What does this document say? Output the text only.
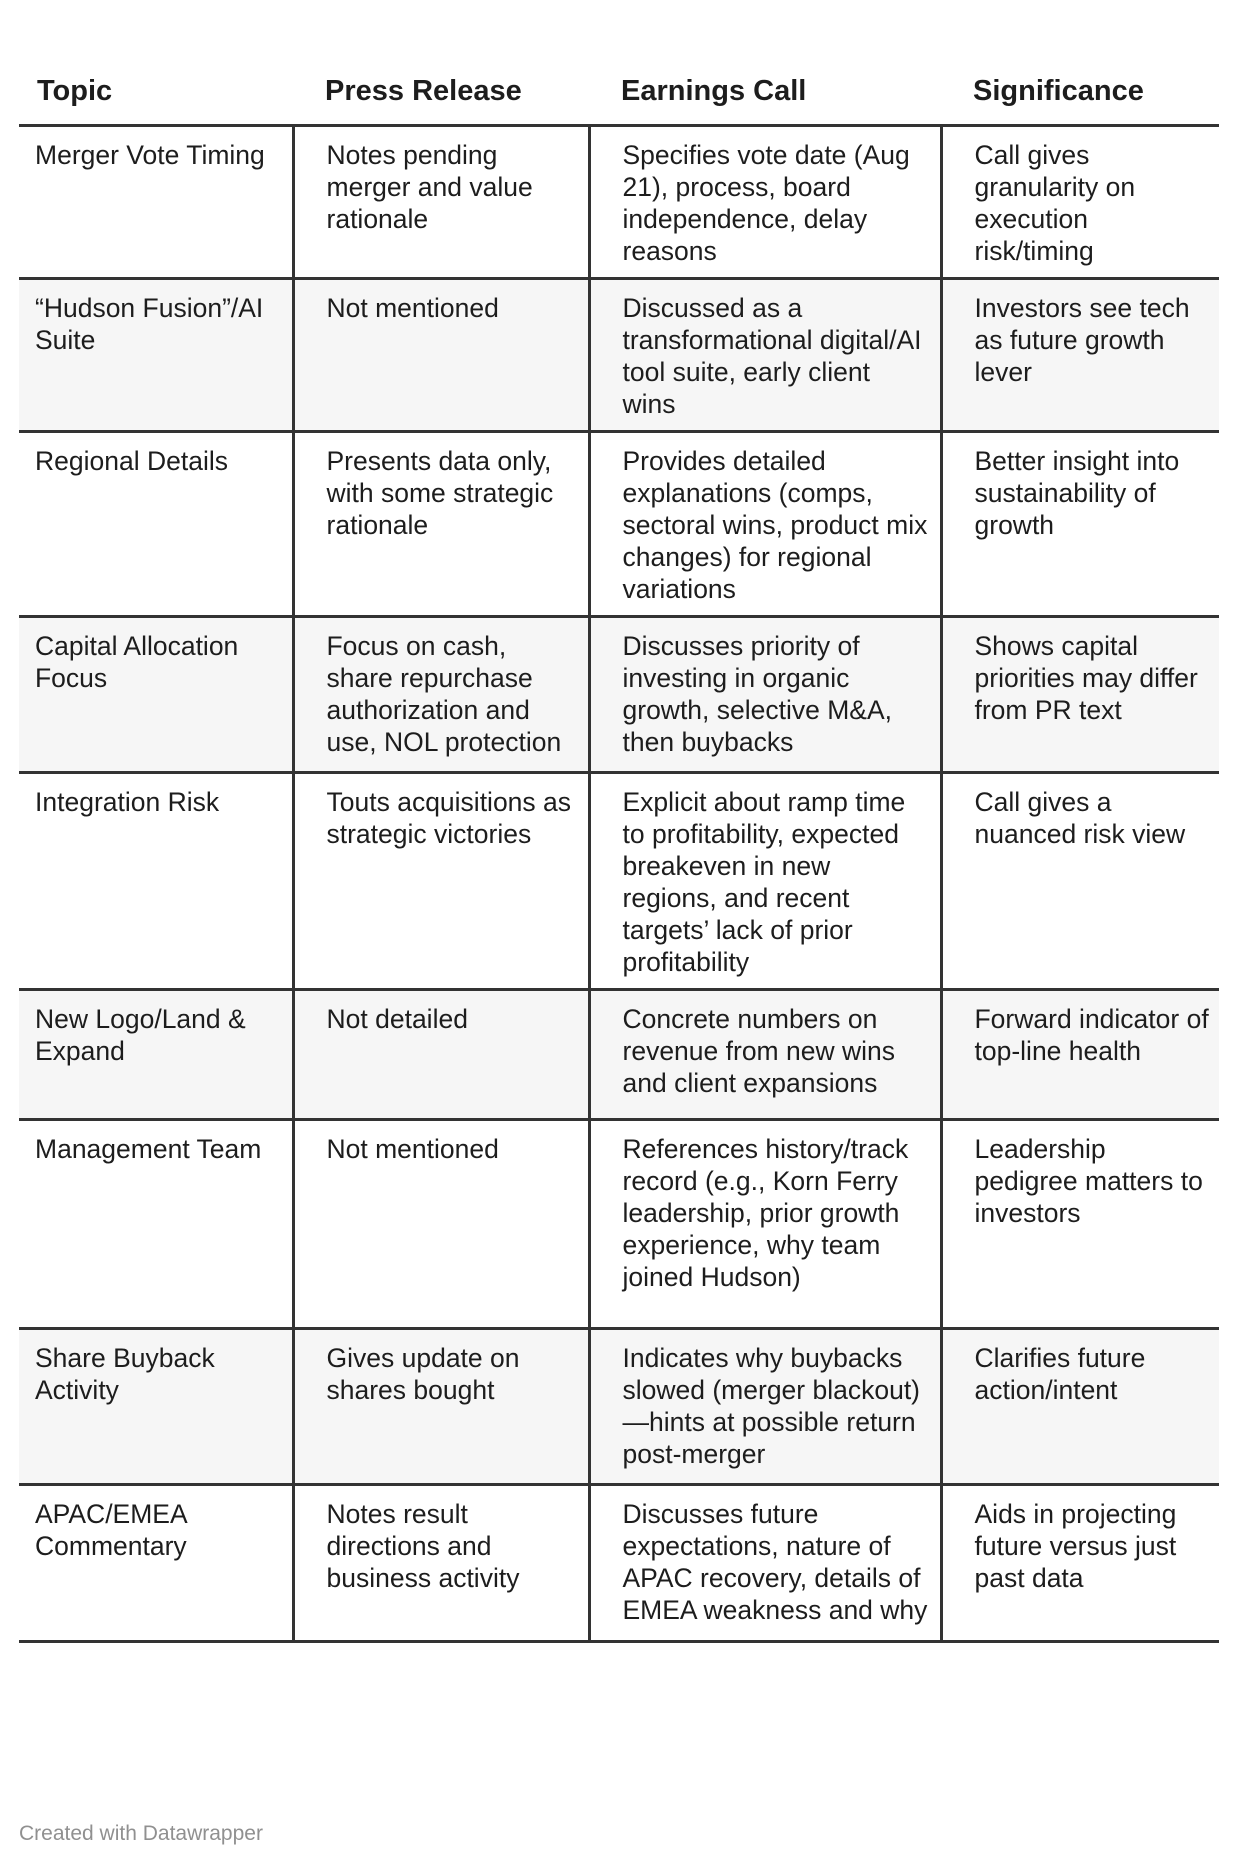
Topic	Press Release	Earnings Call	Significance
Merger Vote Timing	Notes pending merger and value rationale	Specifies vote date (Aug 21), process, board independence, delay reasons	Call gives granularity on execution risk/timing
“Hudson Fusion”/AI Suite	Not mentioned	Discussed as a transformational digital/AI tool suite, early client wins	Investors see tech as future growth lever
Regional Details	Presents data only, with some strategic rationale	Provides detailed explanations (comps, sectoral wins, product mix changes) for regional variations	Better insight into sustainability of growth
Capital Allocation Focus	Focus on cash, share repurchase authorization and use, NOL protection	Discusses priority of investing in organic growth, selective M&A, then buybacks	Shows capital priorities may differ from PR text
Integration Risk	Touts acquisitions as strategic victories	Explicit about ramp time to profitability, expected breakeven in new regions, and recent targets’ lack of prior profitability	Call gives a nuanced risk view
New Logo/Land & Expand	Not detailed	Concrete numbers on revenue from new wins and client expansions	Forward indicator of top-line health
Management Team	Not mentioned	References history/track record (e.g., Korn Ferry leadership, prior growth experience, why team joined Hudson)	Leadership pedigree matters to investors
Share Buyback Activity	Gives update on shares bought	Indicates why buybacks slowed (merger blackout)—hints at possible return post-merger	Clarifies future action/intent
APAC/EMEA Commentary	Notes result directions and business activity	Discusses future expectations, nature of APAC recovery, details of EMEA weakness and why	Aids in projecting future versus just past data
Created with Datawrapper
